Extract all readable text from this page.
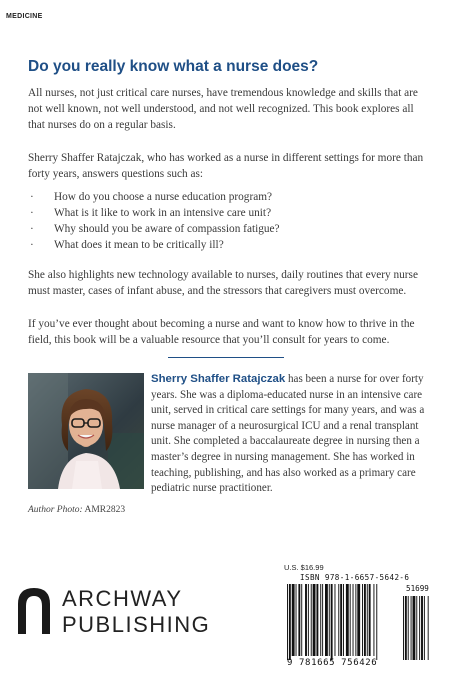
MEDICINE
Do you really know what a nurse does?

All nurses, not just critical care nurses, have tremendous knowledge and skills that are not well known, not well understood, and not well recognized. This book explores all that nurses do on a regular basis.

Sherry Shaffer Ratajczak, who has worked as a nurse in different settings for more than forty years, answers questions such as:

· How do you choose a nurse education program?
· What is it like to work in an intensive care unit?
· Why should you be aware of compassion fatigue?
· What does it mean to be critically ill?

She also highlights new technology available to nurses, daily routines that every nurse must master, cases of infant abuse, and the stressors that caregivers must overcome.

If you’ve ever thought about becoming a nurse and want to know how to thrive in the field, this book will be a valuable resource that you’ll consult for years to come.

Sherry Shaffer Ratajczak has been a nurse for over forty years. She was a diploma-educated nurse in an intensive care unit, served in critical care settings for many years, and was a nurse manager of a neurosurgical ICU and a renal transplant unit. She completed a baccalaureate degree in nursing then a master’s degree in nursing management. She has worked in teaching, publishing, and has also worked as a primary care pediatric nurse practitioner.

Author Photo: AMR2823
ARCHWAY
PUBLISHING
U.S. $16.99
ISBN 978-1-6657-5642-6
51699
9 781665 756426
